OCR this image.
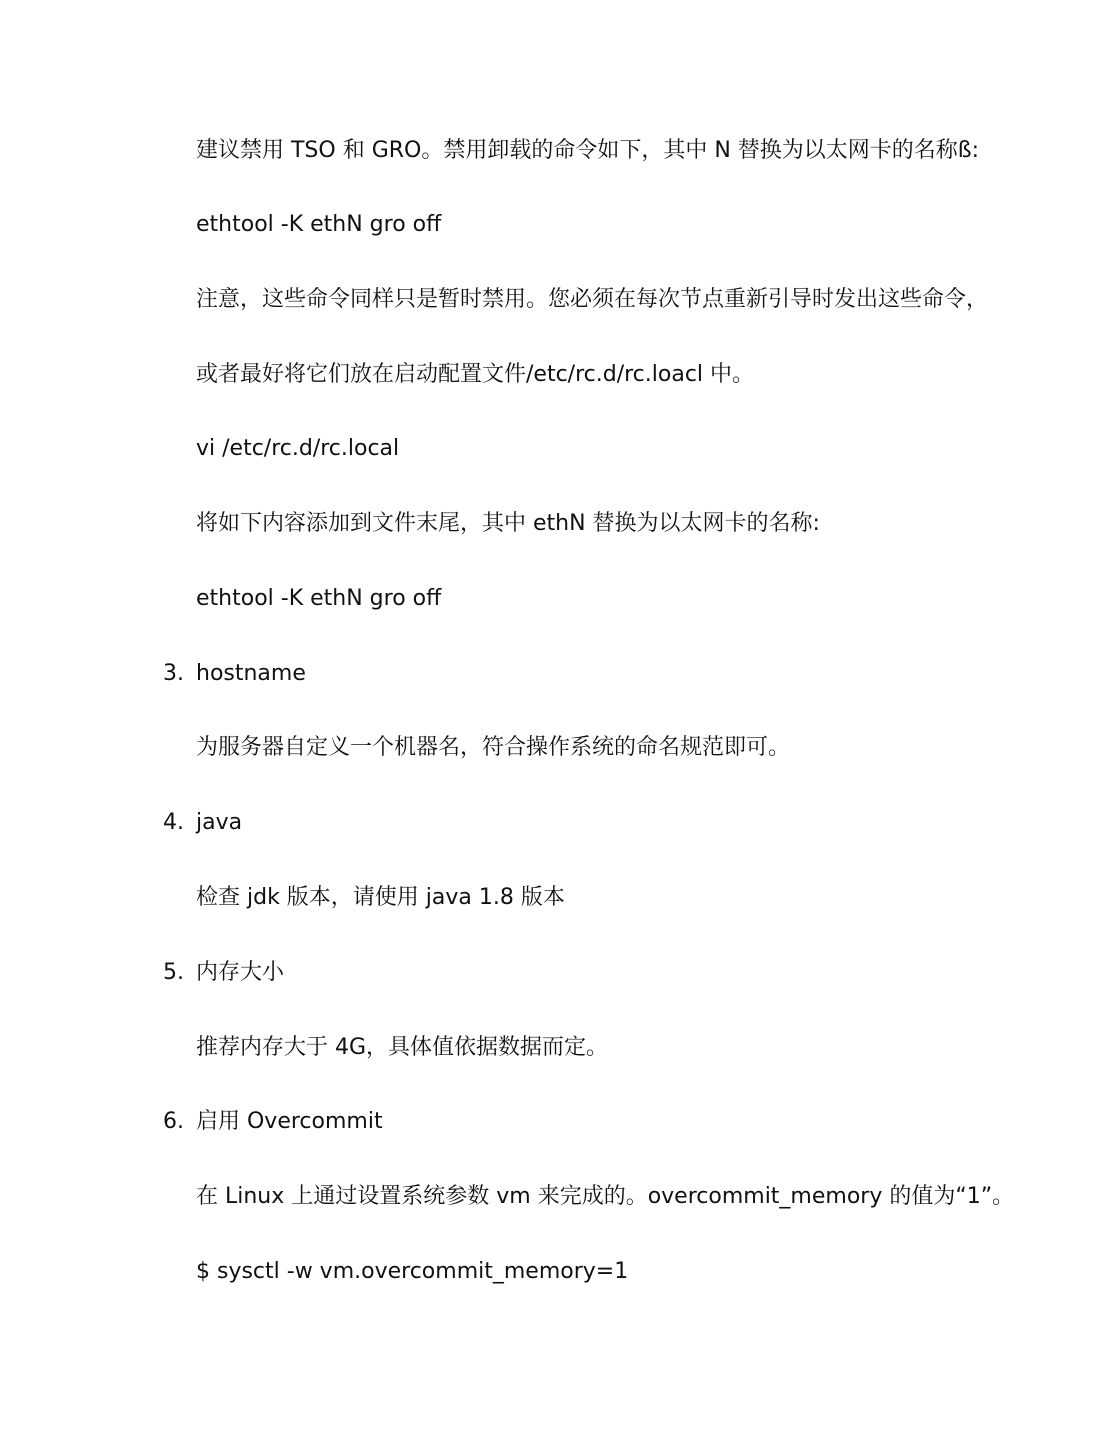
建议禁用 TSO 和 GRO。禁用卸载的命令如下，其中 N 替换为以太网卡的名称ß:
ethtool -K ethN gro off
注意，这些命令同样只是暂时禁用。您必须在每次节点重新引导时发出这些命令，
或者最好将它们放在启动配置文件/etc/rc.d/rc.loacl 中。
vi /etc/rc.d/rc.local
将如下内容添加到文件末尾，其中 ethN 替换为以太网卡的名称:
ethtool -K ethN gro off
3. hostname
为服务器自定义一个机器名，符合操作系统的命名规范即可。
4. java
检查 jdk 版本，请使用 java 1.8 版本
5. 内存大小
推荐内存大于 4G，具体值依据数据而定。
6. 启用 Overcommit
在 Linux 上通过设置系统参数 vm 来完成的。overcommit_memory 的值为“1”。
$ sysctl -w vm.overcommit_memory=1
